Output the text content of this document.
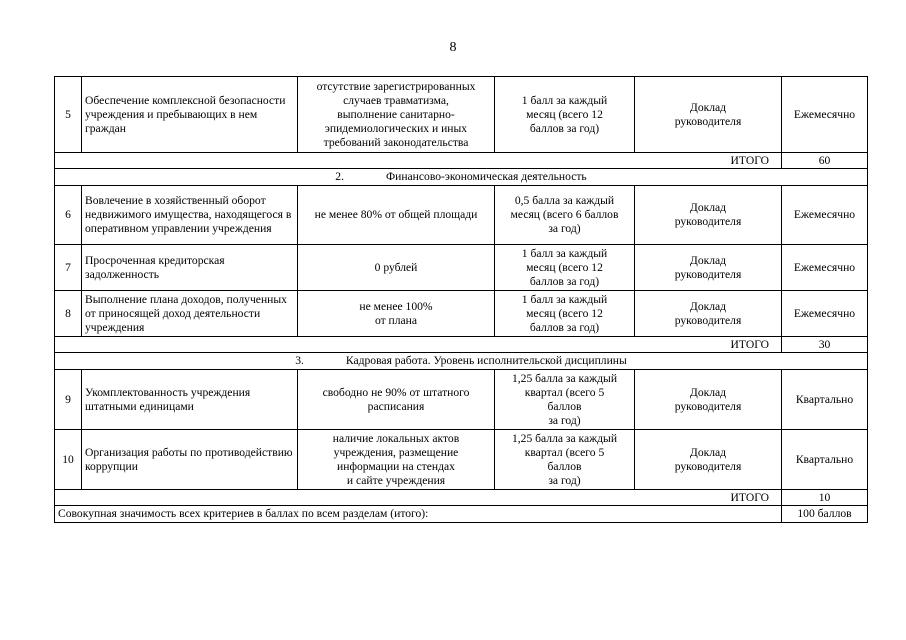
8
5	Обеспечение комплексной безопасности учреждения и пребывающих в нем граждан	отсутствие зарегистрированных
случаев травматизма,
выполнение санитарно-
эпидемиологических и иных
требований законодательства	1 балл за каждый
месяц (всего 12
баллов за год)	Доклад
руководителя	Ежемесячно
ИТОГО					60
2. Финансово-экономическая деятельность					
6	Вовлечение в хозяйственный оборот недвижимого имущества, находящегося в оперативном управлении учреждения	не менее 80% от общей площади	0,5 балла за каждый
месяц (всего 6 баллов
за год)	Доклад
руководителя	Ежемесячно
7	Просроченная кредиторская задолженность	0 рублей	1 балл за каждый
месяц (всего 12
баллов за год)	Доклад
руководителя	Ежемесячно
8	Выполнение плана доходов, полученных от приносящей доход деятельности учреждения	не менее 100%
от плана	1 балл за каждый
месяц (всего 12
баллов за год)	Доклад
руководителя	Ежемесячно
ИТОГО					30
3. Кадровая работа. Уровень исполнительской дисциплины					
9	Укомплектованность учреждения штатными единицами	свободно не 90% от штатного
расписания	1,25 балла за каждый
квартал (всего 5
баллов
за год)	Доклад
руководителя	Квартально
10	Организация работы по противодействию коррупции	наличие локальных актов
учреждения, размещение
информации на стендах
и сайте учреждения	1,25 балла за каждый
квартал (всего 5
баллов
за год)	Доклад
руководителя	Квартально
ИТОГО					10
Совокупная значимость всех критериев в баллах по всем разделам (итого):					100 баллов
